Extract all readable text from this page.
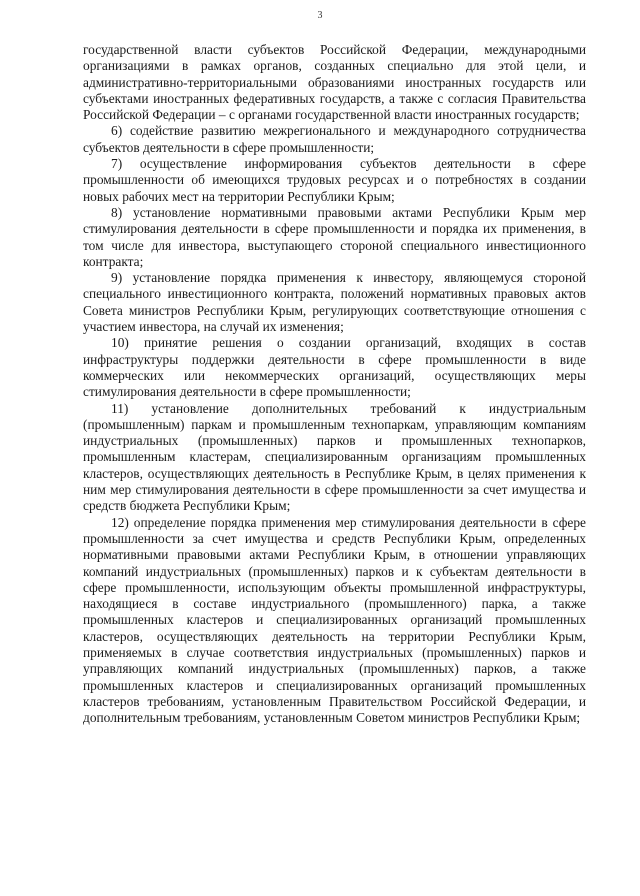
3

государственной власти субъектов Российской Федерации, международными организациями в рамках органов, созданных специально для этой цели, и административно-территориальными образованиями иностранных государств или субъектами иностранных федеративных государств, а также с согласия Правительства Российской Федерации – с органами государственной власти иностранных государств;

6) содействие развитию межрегионального и международного сотрудничества субъектов деятельности в сфере промышленности;

7) осуществление информирования субъектов деятельности в сфере промышленности об имеющихся трудовых ресурсах и о потребностях в создании новых рабочих мест на территории Республики Крым;

8) установление нормативными правовыми актами Республики Крым мер стимулирования деятельности в сфере промышленности и порядка их применения, в том числе для инвестора, выступающего стороной специального инвестиционного контракта;

9) установление порядка применения к инвестору, являющемуся стороной специального инвестиционного контракта, положений нормативных правовых актов Совета министров Республики Крым, регулирующих соответствующие отношения с участием инвестора, на случай их изменения;

10) принятие решения о создании организаций, входящих в состав инфраструктуры поддержки деятельности в сфере промышленности в виде коммерческих или некоммерческих организаций, осуществляющих меры стимулирования деятельности в сфере промышленности;

11) установление дополнительных требований к индустриальным (промышленным) паркам и промышленным технопаркам, управляющим компаниям индустриальных (промышленных) парков и промышленных технопарков, промышленным кластерам, специализированным организациям промышленных кластеров, осуществляющих деятельность в Республике Крым, в целях применения к ним мер стимулирования деятельности в сфере промышленности за счет имущества и средств бюджета Республики Крым;

12) определение порядка применения мер стимулирования деятельности в сфере промышленности за счет имущества и средств Республики Крым, определенных нормативными правовыми актами Республики Крым, в отношении управляющих компаний индустриальных (промышленных) парков и к субъектам деятельности в сфере промышленности, использующим объекты промышленной инфраструктуры, находящиеся в составе индустриального (промышленного) парка, а также промышленных кластеров и специализированных организаций промышленных кластеров, осуществляющих деятельность на территории Республики Крым, применяемых в случае соответствия индустриальных (промышленных) парков и управляющих компаний индустриальных (промышленных) парков, а также промышленных кластеров и специализированных организаций промышленных кластеров требованиям, установленным Правительством Российской Федерации, и дополнительным требованиям, установленным Советом министров Республики Крым;
